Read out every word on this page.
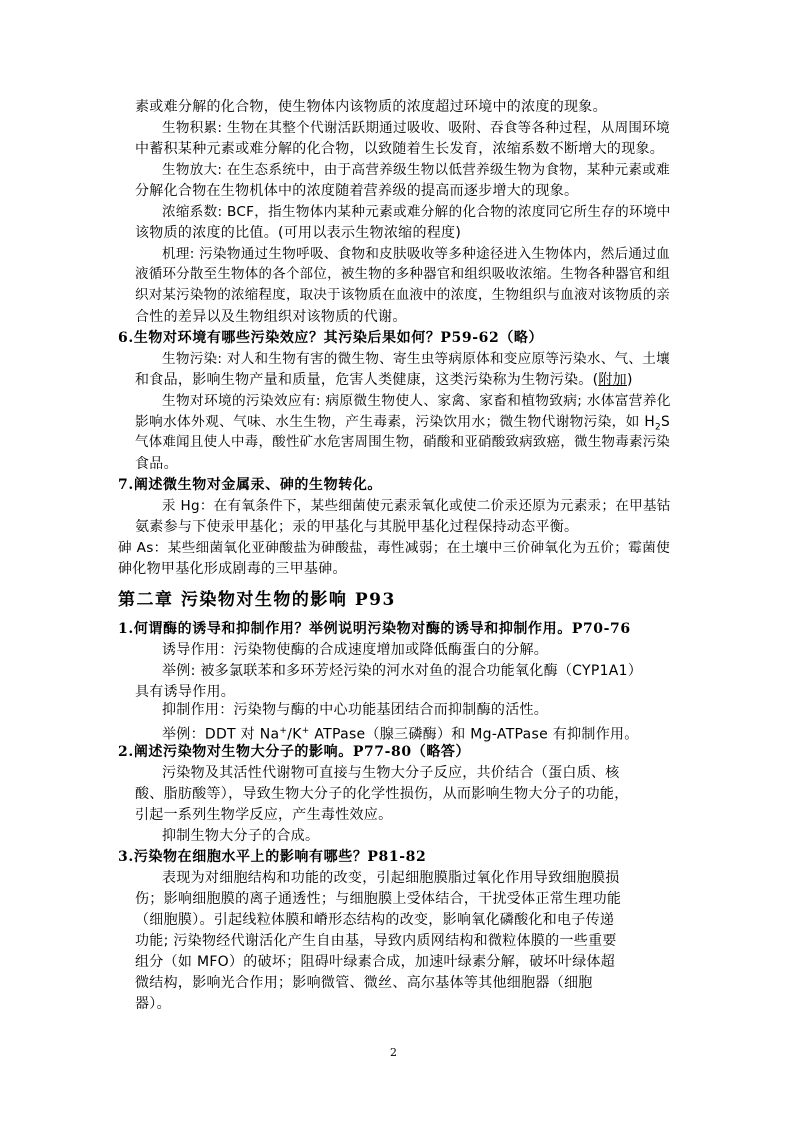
素或难分解的化合物，使生物体内该物质的浓度超过环境中的浓度的现象。
生物积累: 生物在其整个代谢活跃期通过吸收、吸附、吞食等各种过程，从周围环境
中蓄积某种元素或难分解的化合物，以致随着生长发育，浓缩系数不断增大的现象。
生物放大: 在生态系统中，由于高营养级生物以低营养级生物为食物，某种元素或难
分解化合物在生物机体中的浓度随着营养级的提高而逐步增大的现象。
浓缩系数: BCF，指生物体内某种元素或难分解的化合物的浓度同它所生存的环境中
该物质的浓度的比值。(可用以表示生物浓缩的程度)
机理: 污染物通过生物呼吸、食物和皮肤吸收等多种途径进入生物体内，然后通过血
液循环分散至生物体的各个部位，被生物的多种器官和组织吸收浓缩。生物各种器官和组
织对某污染物的浓缩程度，取决于该物质在血液中的浓度，生物组织与血液对该物质的亲
合性的差异以及生物组织对该物质的代谢。
6.生物对环境有哪些污染效应？其污染后果如何？P59-62（略）
生物污染: 对人和生物有害的微生物、寄生虫等病原体和变应原等污染水、气、土壤
和食品，影响生物产量和质量，危害人类健康，这类污染称为生物污染。(附加)
生物对环境的污染效应有: 病原微生物使人、家禽、家畜和植物致病; 水体富营养化
影响水体外观、气味、水生生物，产生毒素，污染饮用水；微生物代谢物污染，如 $H_2S$
气体难闻且使人中毒，酸性矿水危害周围生物，硝酸和亚硝酸致病致癌，微生物毒素污染
食品。
7.阐述微生物对金属汞、砷的生物转化。
汞 Hg：在有氧条件下，某些细菌使元素汞氧化或使二价汞还原为元素汞；在甲基钴
氨素参与下使汞甲基化；汞的甲基化与其脱甲基化过程保持动态平衡。
砷 As：某些细菌氧化亚砷酸盐为砷酸盐，毒性减弱；在土壤中三价砷氧化为五价；霉菌使
砷化物甲基化形成剧毒的三甲基砷。
第二章 污染物对生物的影响 P93
1.何谓酶的诱导和抑制作用？举例说明污染物对酶的诱导和抑制作用。P70-76
诱导作用：污染物使酶的合成速度增加或降低酶蛋白的分解。
举例: 被多氯联苯和多环芳烃污染的河水对鱼的混合功能氧化酶（CYP1A1）
具有诱导作用。
抑制作用：污染物与酶的中心功能基团结合而抑制酶的活性。
举例：DDT 对 Na+/K+ ATPase（腺三磷酶）和 Mg-ATPase 有抑制作用。
2.阐述污染物对生物大分子的影响。P77-80（略答）
污染物及其活性代谢物可直接与生物大分子反应，共价结合（蛋白质、核
酸、脂肪酸等），导致生物大分子的化学性损伤，从而影响生物大分子的功能，
引起一系列生物学反应，产生毒性效应。
抑制生物大分子的合成。
3.污染物在细胞水平上的影响有哪些？P81-82
表现为对细胞结构和功能的改变，引起细胞膜脂过氧化作用导致细胞膜损
伤；影响细胞膜的离子通透性；与细胞膜上受体结合，干扰受体正常生理功能
（细胞膜）。引起线粒体膜和嵴形态结构的改变，影响氧化磷酸化和电子传递
功能; 污染物经代谢活化产生自由基，导致内质网结构和微粒体膜的一些重要
组分（如 MFO）的破坏；阻碍叶绿素合成，加速叶绿素分解，破坏叶绿体超
微结构，影响光合作用；影响微管、微丝、高尔基体等其他细胞器（细胞
器）。
2
